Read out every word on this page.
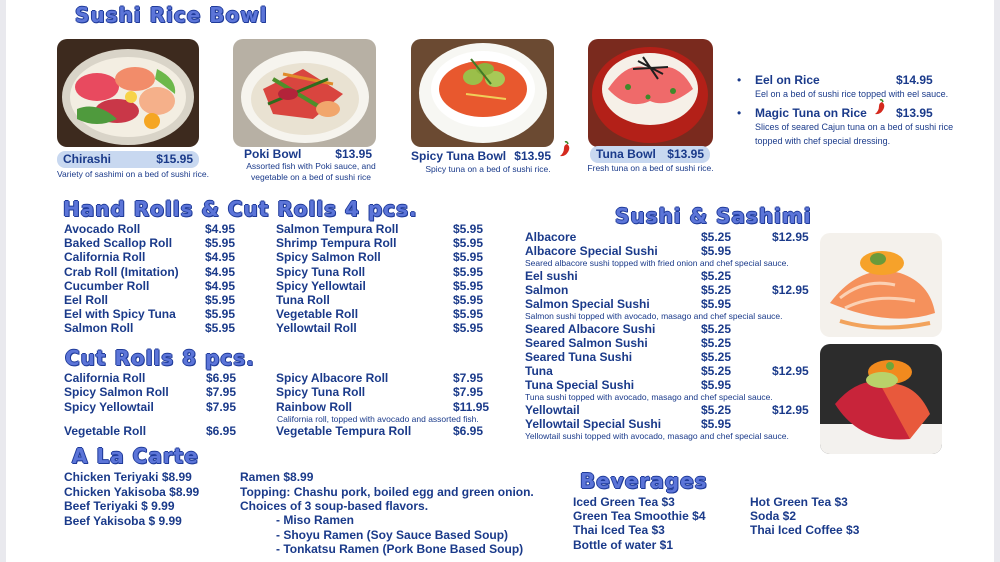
Sushi Rice Bowl
Chirashi	$15.95
Variety of sashimi on a bed of sushi rice.
Poki Bowl	$13.95
Assorted fish with Poki sauce, and vegetable on a bed of sushi rice
Spicy Tuna Bowl $13.95
Spicy tuna on a bed of sushi rice.
Tuna Bowl $13.95
Fresh tuna on a bed of sushi rice.
• Eel on Rice	$14.95
Eel on a bed of sushi rice topped with eel sauce.
• Magic Tuna on Rice $13.95
Slices of seared Cajun tuna on a bed of sushi rice topped with chef special dressing.
Hand Rolls & Cut Rolls 4 pcs.
Avocado Roll	$4.95
Baked Scallop Roll	$5.95
California Roll	$4.95
Crab Roll (Imitation) $4.95
Cucumber Roll	$4.95
Eel Roll	$5.95
Eel with Spicy Tuna $5.95
Salmon Roll	$5.95
Salmon Tempura Roll	$5.95
Shrimp Tempura Roll	$5.95
Spicy Salmon Roll	$5.95
Spicy Tuna Roll	$5.95
Spicy Yellowtail	$5.95
Tuna Roll	$5.95
Vegetable Roll	$5.95
Yellowtail Roll	$5.95
Cut Rolls 8 pcs.
California Roll	$6.95
Spicy Salmon Roll	$7.95
Spicy Yellowtail	$7.95
Vegetable Roll	$6.95
Spicy Albacore Roll	$7.95
Spicy Tuna Roll	$7.95
Rainbow Roll	$11.95
Vegetable Tempura Roll	$6.95
California roll, topped with avocado and assorted fish.
Sushi & Sashimi
Albacore	$5.25	$12.95
Albacore Special Sushi	$5.95
Seared albacore sushi topped with fried onion and chef special sauce.
Eel sushi	$5.25
Salmon	$5.25	$12.95
Salmon Special Sushi	$5.95
Salmon sushi topped with avocado, masago and chef special sauce.
Seared Albacore Sushi	$5.25
Seared Salmon Sushi	$5.25
Seared Tuna Sushi	$5.25
Tuna	$5.25	$12.95
Tuna Special Sushi	$5.95
Tuna sushi topped with avocado, masago and chef special sauce.
Yellowtail	$5.25	$12.95
Yellowtail Special Sushi	$5.95
Yellowtail sushi topped with avocado, masago and chef special sauce.
A La Carte
Chicken Teriyaki $8.99
Chicken Yakisoba $8.99
Beef Teriyaki $ 9.99
Beef Yakisoba $ 9.99
Ramen $8.99
Topping: Chashu pork, boiled egg and green onion.
Choices of 3 soup-based flavors.
- Miso Ramen
- Shoyu Ramen (Soy Sauce Based Soup)
- Tonkatsu Ramen (Pork Bone Based Soup)
Beverages
Iced Green Tea $3
Green Tea Smoothie $4
Thai Iced Tea $3
Bottle of water $1
Hot Green Tea $3
Soda $2
Thai Iced Coffee $3
